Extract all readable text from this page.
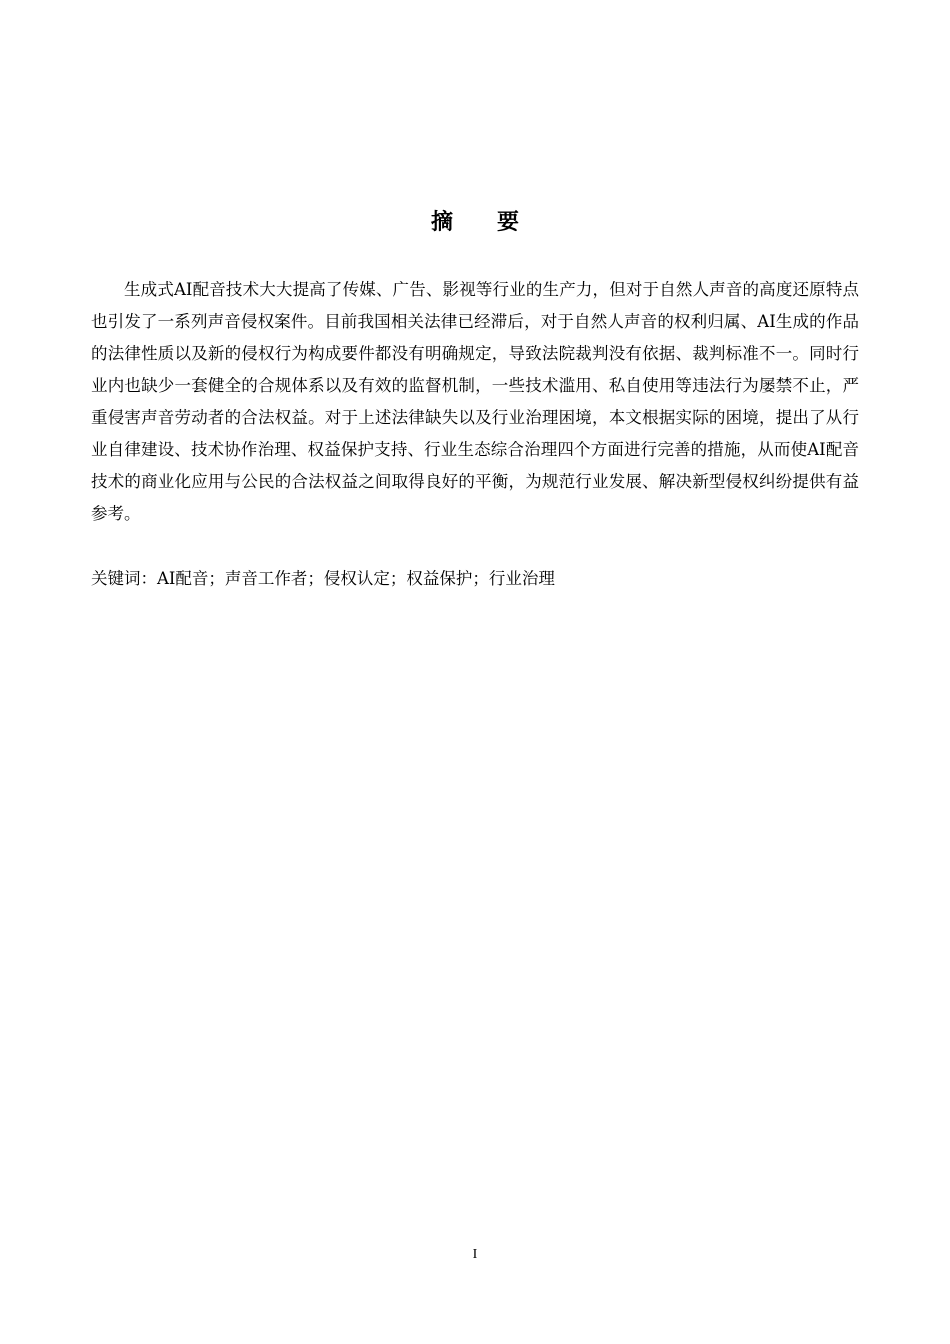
摘　　要

生成式AI配音技术大大提高了传媒、广告、影视等行业的生产力，但对于自然人声音的高度还原特点也引发了一系列声音侵权案件。目前我国相关法律已经滞后，对于自然人声音的权利归属、AI生成的作品的法律性质以及新的侵权行为构成要件都没有明确规定，导致法院裁判没有依据、裁判标准不一。同时行业内也缺少一套健全的合规体系以及有效的监督机制，一些技术滥用、私自使用等违法行为屡禁不止，严重侵害声音劳动者的合法权益。对于上述法律缺失以及行业治理困境，本文根据实际的困境，提出了从行业自律建设、技术协作治理、权益保护支持、行业生态综合治理四个方面进行完善的措施，从而使AI配音技术的商业化应用与公民的合法权益之间取得良好的平衡，为规范行业发展、解决新型侵权纠纷提供有益参考。

关键词：AI配音；声音工作者；侵权认定；权益保护；行业治理

I
